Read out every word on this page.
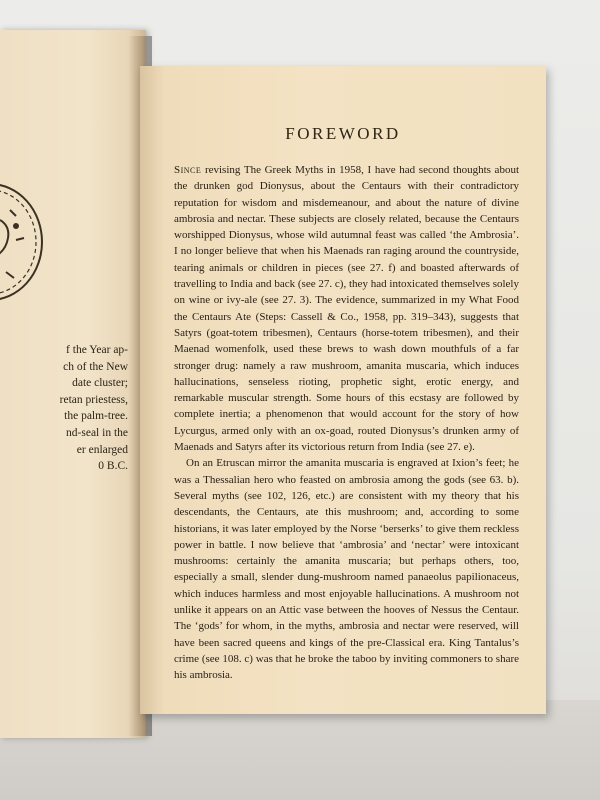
f the Year ap-
ch of the New
date cluster;
retan priestess,
the palm-tree.
nd-seal in the
er enlarged
0 B.C.
FOREWORD

Since revising The Greek Myths in 1958, I have had second thoughts about the drunken god Dionysus, about the Centaurs with their contradictory reputation for wisdom and misdemeanour, and about the nature of divine ambrosia and nectar. These subjects are closely related, because the Centaurs worshipped Dionysus, whose wild autumnal feast was called ‘the Ambrosia’. I no longer believe that when his Maenads ran raging around the countryside, tearing animals or children in pieces (see 27. f) and boasted afterwards of travelling to India and back (see 27. c), they had intoxicated themselves solely on wine or ivy-ale (see 27. 3). The evidence, summarized in my What Food the Centaurs Ate (Steps: Cassell & Co., 1958, pp. 319–343), suggests that Satyrs (goat-totem tribesmen), Centaurs (horse-totem tribesmen), and their Maenad womenfolk, used these brews to wash down mouthfuls of a far stronger drug: namely a raw mushroom, amanita muscaria, which induces hallucinations, senseless rioting, prophetic sight, erotic energy, and remarkable muscular strength. Some hours of this ecstasy are followed by complete inertia; a phenomenon that would account for the story of how Lycurgus, armed only with an ox-goad, routed Dionysus’s drunken army of Maenads and Satyrs after its victorious return from India (see 27. e).

On an Etruscan mirror the amanita muscaria is engraved at Ixion’s feet; he was a Thessalian hero who feasted on ambrosia among the gods (see 63. b). Several myths (see 102, 126, etc.) are consistent with my theory that his descendants, the Centaurs, ate this mushroom; and, according to some historians, it was later employed by the Norse ‘berserks’ to give them reckless power in battle. I now believe that ‘ambrosia’ and ‘nectar’ were intoxicant mushrooms: certainly the amanita muscaria; but perhaps others, too, especially a small, slender dung-mushroom named panaeolus papilionaceus, which induces harmless and most enjoyable hallucinations. A mushroom not unlike it appears on an Attic vase between the hooves of Nessus the Centaur. The ‘gods’ for whom, in the myths, ambrosia and nectar were reserved, will have been sacred queens and kings of the pre-Classical era. King Tantalus’s crime (see 108. c) was that he broke the taboo by inviting commoners to share his ambrosia.
